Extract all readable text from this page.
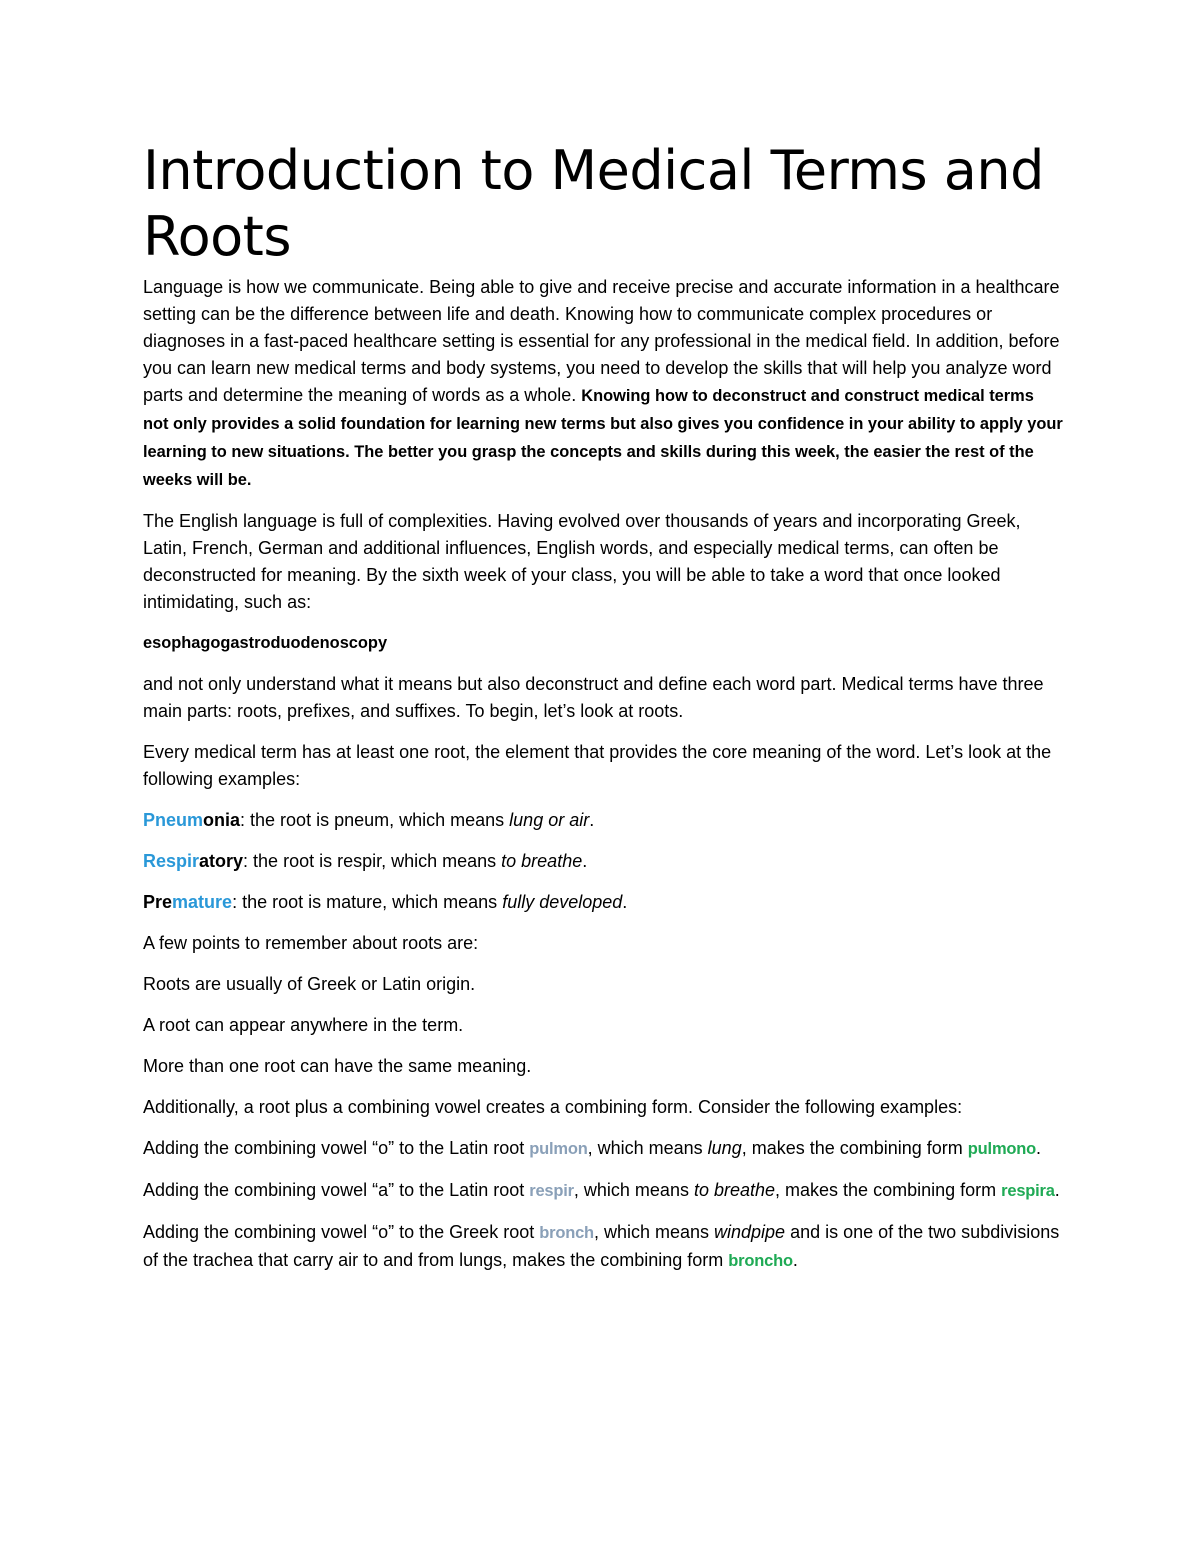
Introduction to Medical Terms and Roots

Language is how we communicate. Being able to give and receive precise and accurate information in a healthcare setting can be the difference between life and death. Knowing how to communicate complex procedures or diagnoses in a fast-paced healthcare setting is essential for any professional in the medical field. In addition, before you can learn new medical terms and body systems, you need to develop the skills that will help you analyze word parts and determine the meaning of words as a whole. Knowing how to deconstruct and construct medical terms not only provides a solid foundation for learning new terms but also gives you confidence in your ability to apply your learning to new situations. The better you grasp the concepts and skills during this week, the easier the rest of the weeks will be.

The English language is full of complexities. Having evolved over thousands of years and incorporating Greek, Latin, French, German and additional influences, English words, and especially medical terms, can often be deconstructed for meaning. By the sixth week of your class, you will be able to take a word that once looked intimidating, such as:

esophagogastroduodenoscopy

and not only understand what it means but also deconstruct and define each word part. Medical terms have three main parts: roots, prefixes, and suffixes. To begin, let’s look at roots.

Every medical term has at least one root, the element that provides the core meaning of the word. Let’s look at the following examples:

Pneumonia: the root is pneum, which means lung or air.

Respiratory: the root is respir, which means to breathe.

Premature: the root is mature, which means fully developed.

A few points to remember about roots are:

Roots are usually of Greek or Latin origin.

A root can appear anywhere in the term.

More than one root can have the same meaning.

Additionally, a root plus a combining vowel creates a combining form. Consider the following examples:

Adding the combining vowel “o” to the Latin root pulmon, which means lung, makes the combining form pulmono.

Adding the combining vowel “a” to the Latin root respir, which means to breathe, makes the combining form respira.

Adding the combining vowel “o” to the Greek root bronch, which means windpipe and is one of the two subdivisions of the trachea that carry air to and from lungs, makes the combining form broncho.
